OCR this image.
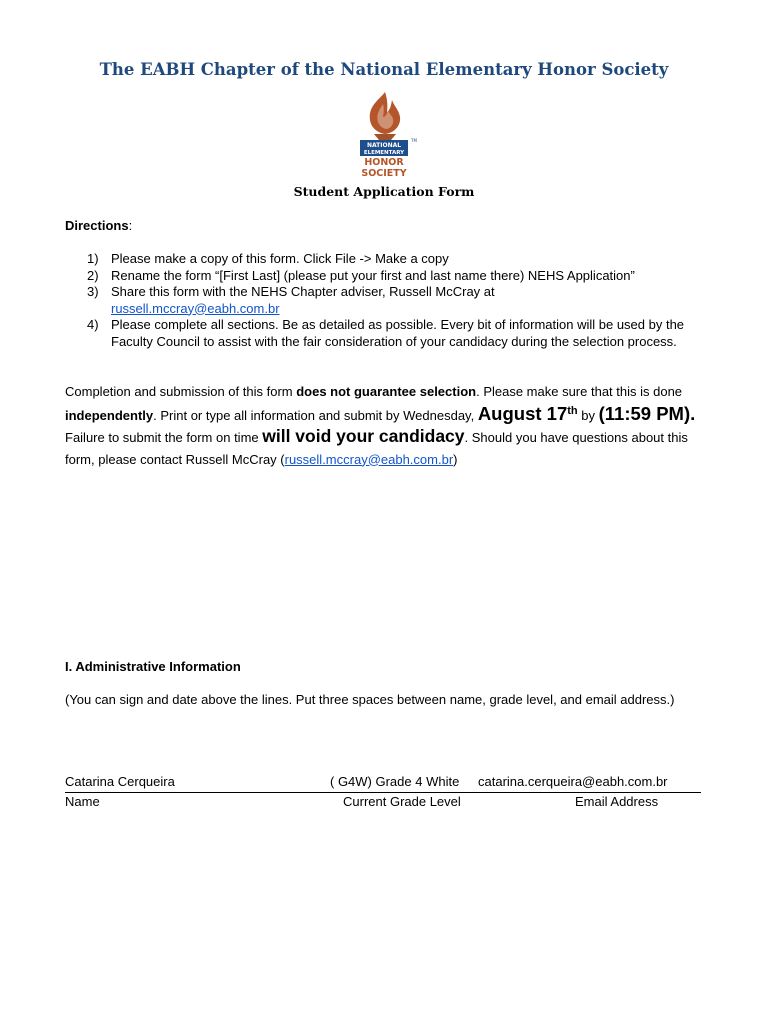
The EABH Chapter of the National Elementary Honor Society
NATIONAL
ELEMENTARY
TM
HONOR
SOCIETY
Student Application Form

Directions:

1) Please make a copy of this form. Click File -> Make a copy
2) Rename the form “[First Last] (please put your first and last name there) NEHS Application”
3) Share this form with the NEHS Chapter adviser, Russell McCray at
russell.mccray@eabh.com.br
4) Please complete all sections. Be as detailed as possible. Every bit of information will be used by the Faculty Council to assist with the fair consideration of your candidacy during the selection process.

Completion and submission of this form does not guarantee selection. Please make sure that this is done independently. Print or type all information and submit by Wednesday, August 17th by (11:59 PM). Failure to submit the form on time will void your candidacy. Should you have questions about this form, please contact Russell McCray (russell.mccray@eabh.com.br)

I. Administrative Information

(You can sign and date above the lines. Put three spaces between name, grade level, and email address.)

Catarina Cerqueira	( G4W) Grade 4 White catarina.cerqueira@eabh.com.br
Name	Current Grade Level	Email Address
